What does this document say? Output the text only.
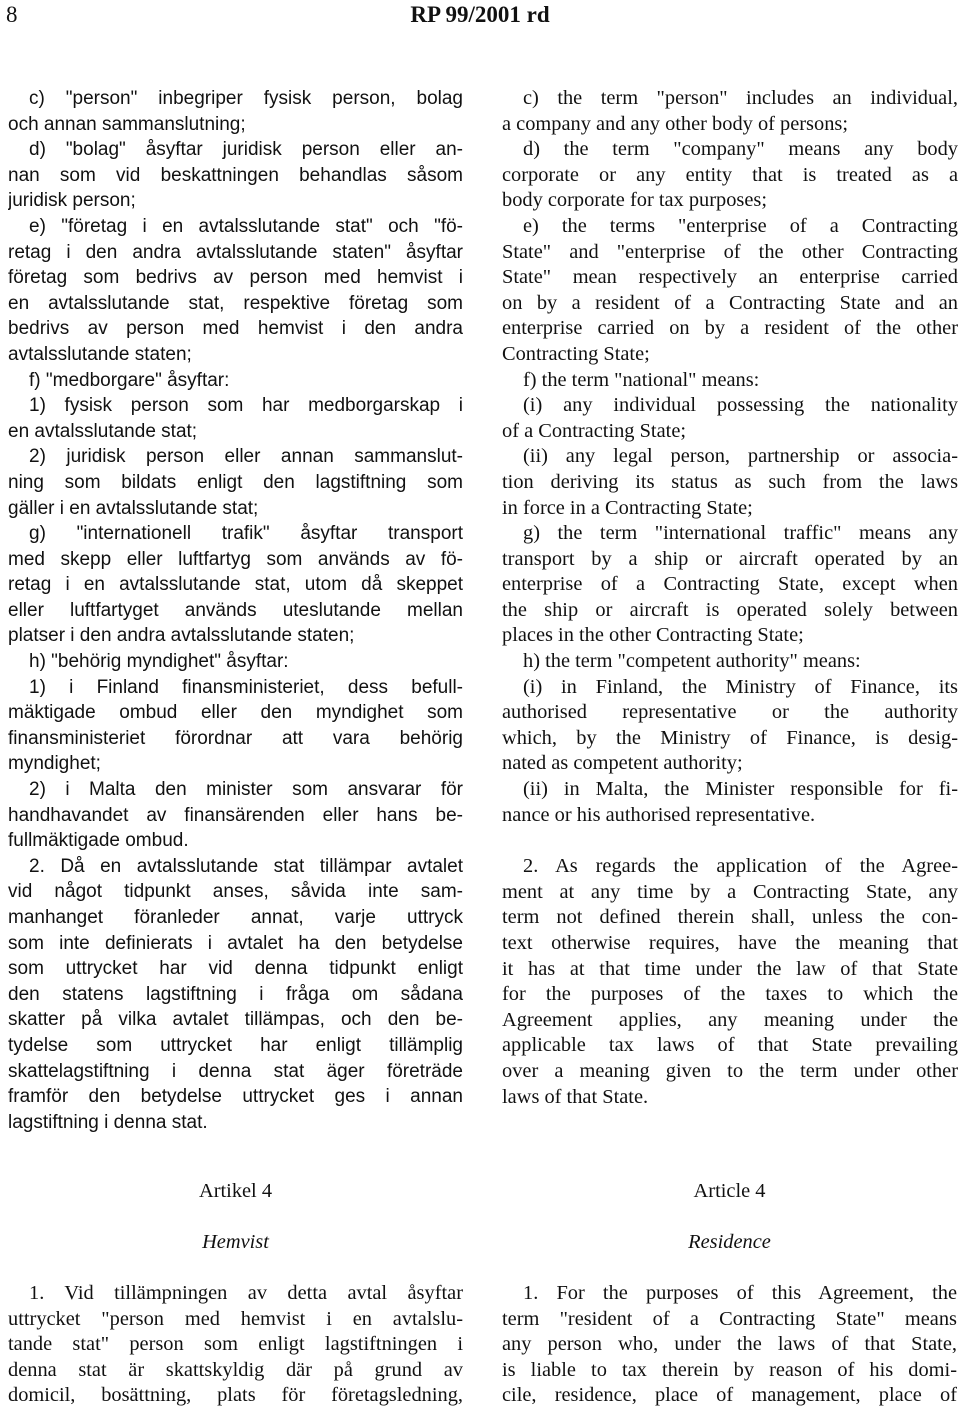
8	RP 99/2001 rd
c) "person" inbegriper fysisk person, bolag
och annan sammanslutning;
d) "bolag" åsyftar juridisk person eller an-
nan som vid beskattningen behandlas såsom
juridisk person;
e) "företag i en avtalsslutande stat" och "fö-
retag i den andra avtalsslutande staten" åsyftar
företag som bedrivs av person med hemvist i
en avtalsslutande stat, respektive företag som
bedrivs av person med hemvist i den andra
avtalsslutande staten;
f) "medborgare" åsyftar:
1) fysisk person som har medborgarskap i
en avtalsslutande stat;
2) juridisk person eller annan sammanslut-
ning som bildats enligt den lagstiftning som
gäller i en avtalsslutande stat;
g) "internationell trafik" åsyftar transport
med skepp eller luftfartyg som används av fö-
retag i en avtalsslutande stat, utom då skeppet
eller luftfartyget används uteslutande mellan
platser i den andra avtalsslutande staten;
h) "behörig myndighet" åsyftar:
1) i Finland finansministeriet, dess befull-
mäktigade ombud eller den myndighet som
finansministeriet förordnar att vara behörig
myndighet;
2) i Malta den minister som ansvarar för
handhavandet av finansärenden eller hans be-
fullmäktigade ombud.
2. Då en avtalsslutande stat tillämpar avtalet
vid något tidpunkt anses, såvida inte sam-
manhanget föranleder annat, varje uttryck
som inte definierats i avtalet ha den betydelse
som uttrycket har vid denna tidpunkt enligt
den statens lagstiftning i fråga om sådana
skatter på vilka avtalet tillämpas, och den be-
tydelse som uttrycket har enligt tillämplig
skattelagstiftning i denna stat äger företräde
framför den betydelse uttrycket ges i annan
lagstiftning i denna stat.
c) the term "person" includes an individual,
a company and any other body of persons;
d) the term "company" means any body
corporate or any entity that is treated as a
body corporate for tax purposes;
e) the terms "enterprise of a Contracting
State" and "enterprise of the other Contracting
State" mean respectively an enterprise carried
on by a resident of a Contracting State and an
enterprise carried on by a resident of the other
Contracting State;
f) the term "national" means:
(i) any individual possessing the nationality
of a Contracting State;
(ii) any legal person, partnership or associa-
tion deriving its status as such from the laws
in force in a Contracting State;
g) the term "international traffic" means any
transport by a ship or aircraft operated by an
enterprise of a Contracting State, except when
the ship or aircraft is operated solely between
places in the other Contracting State;
h) the term "competent authority" means:
(i) in Finland, the Ministry of Finance, its
authorised representative or the authority
which, by the Ministry of Finance, is desig-
nated as competent authority;
(ii) in Malta, the Minister responsible for fi-
nance or his authorised representative.
2. As regards the application of the Agree-
ment at any time by a Contracting State, any
term not defined therein shall, unless the con-
text otherwise requires, have the meaning that
it has at that time under the law of that State
for the purposes of the taxes to which the
Agreement applies, any meaning under the
applicable tax laws of that State prevailing
over a meaning given to the term under other
laws of that State.
Artikel 4
Hemvist
Article 4
Residence
1. Vid tillämpningen av detta avtal åsyftar
uttrycket "person med hemvist i en avtalslu-
tande stat" person som enligt lagstiftningen i
denna stat är skattskyldig där på grund av
domicil, bosättning, plats för företagsledning,
1. For the purposes of this Agreement, the
term "resident of a Contracting State" means
any person who, under the laws of that State,
is liable to tax therein by reason of his domi-
cile, residence, place of management, place of
